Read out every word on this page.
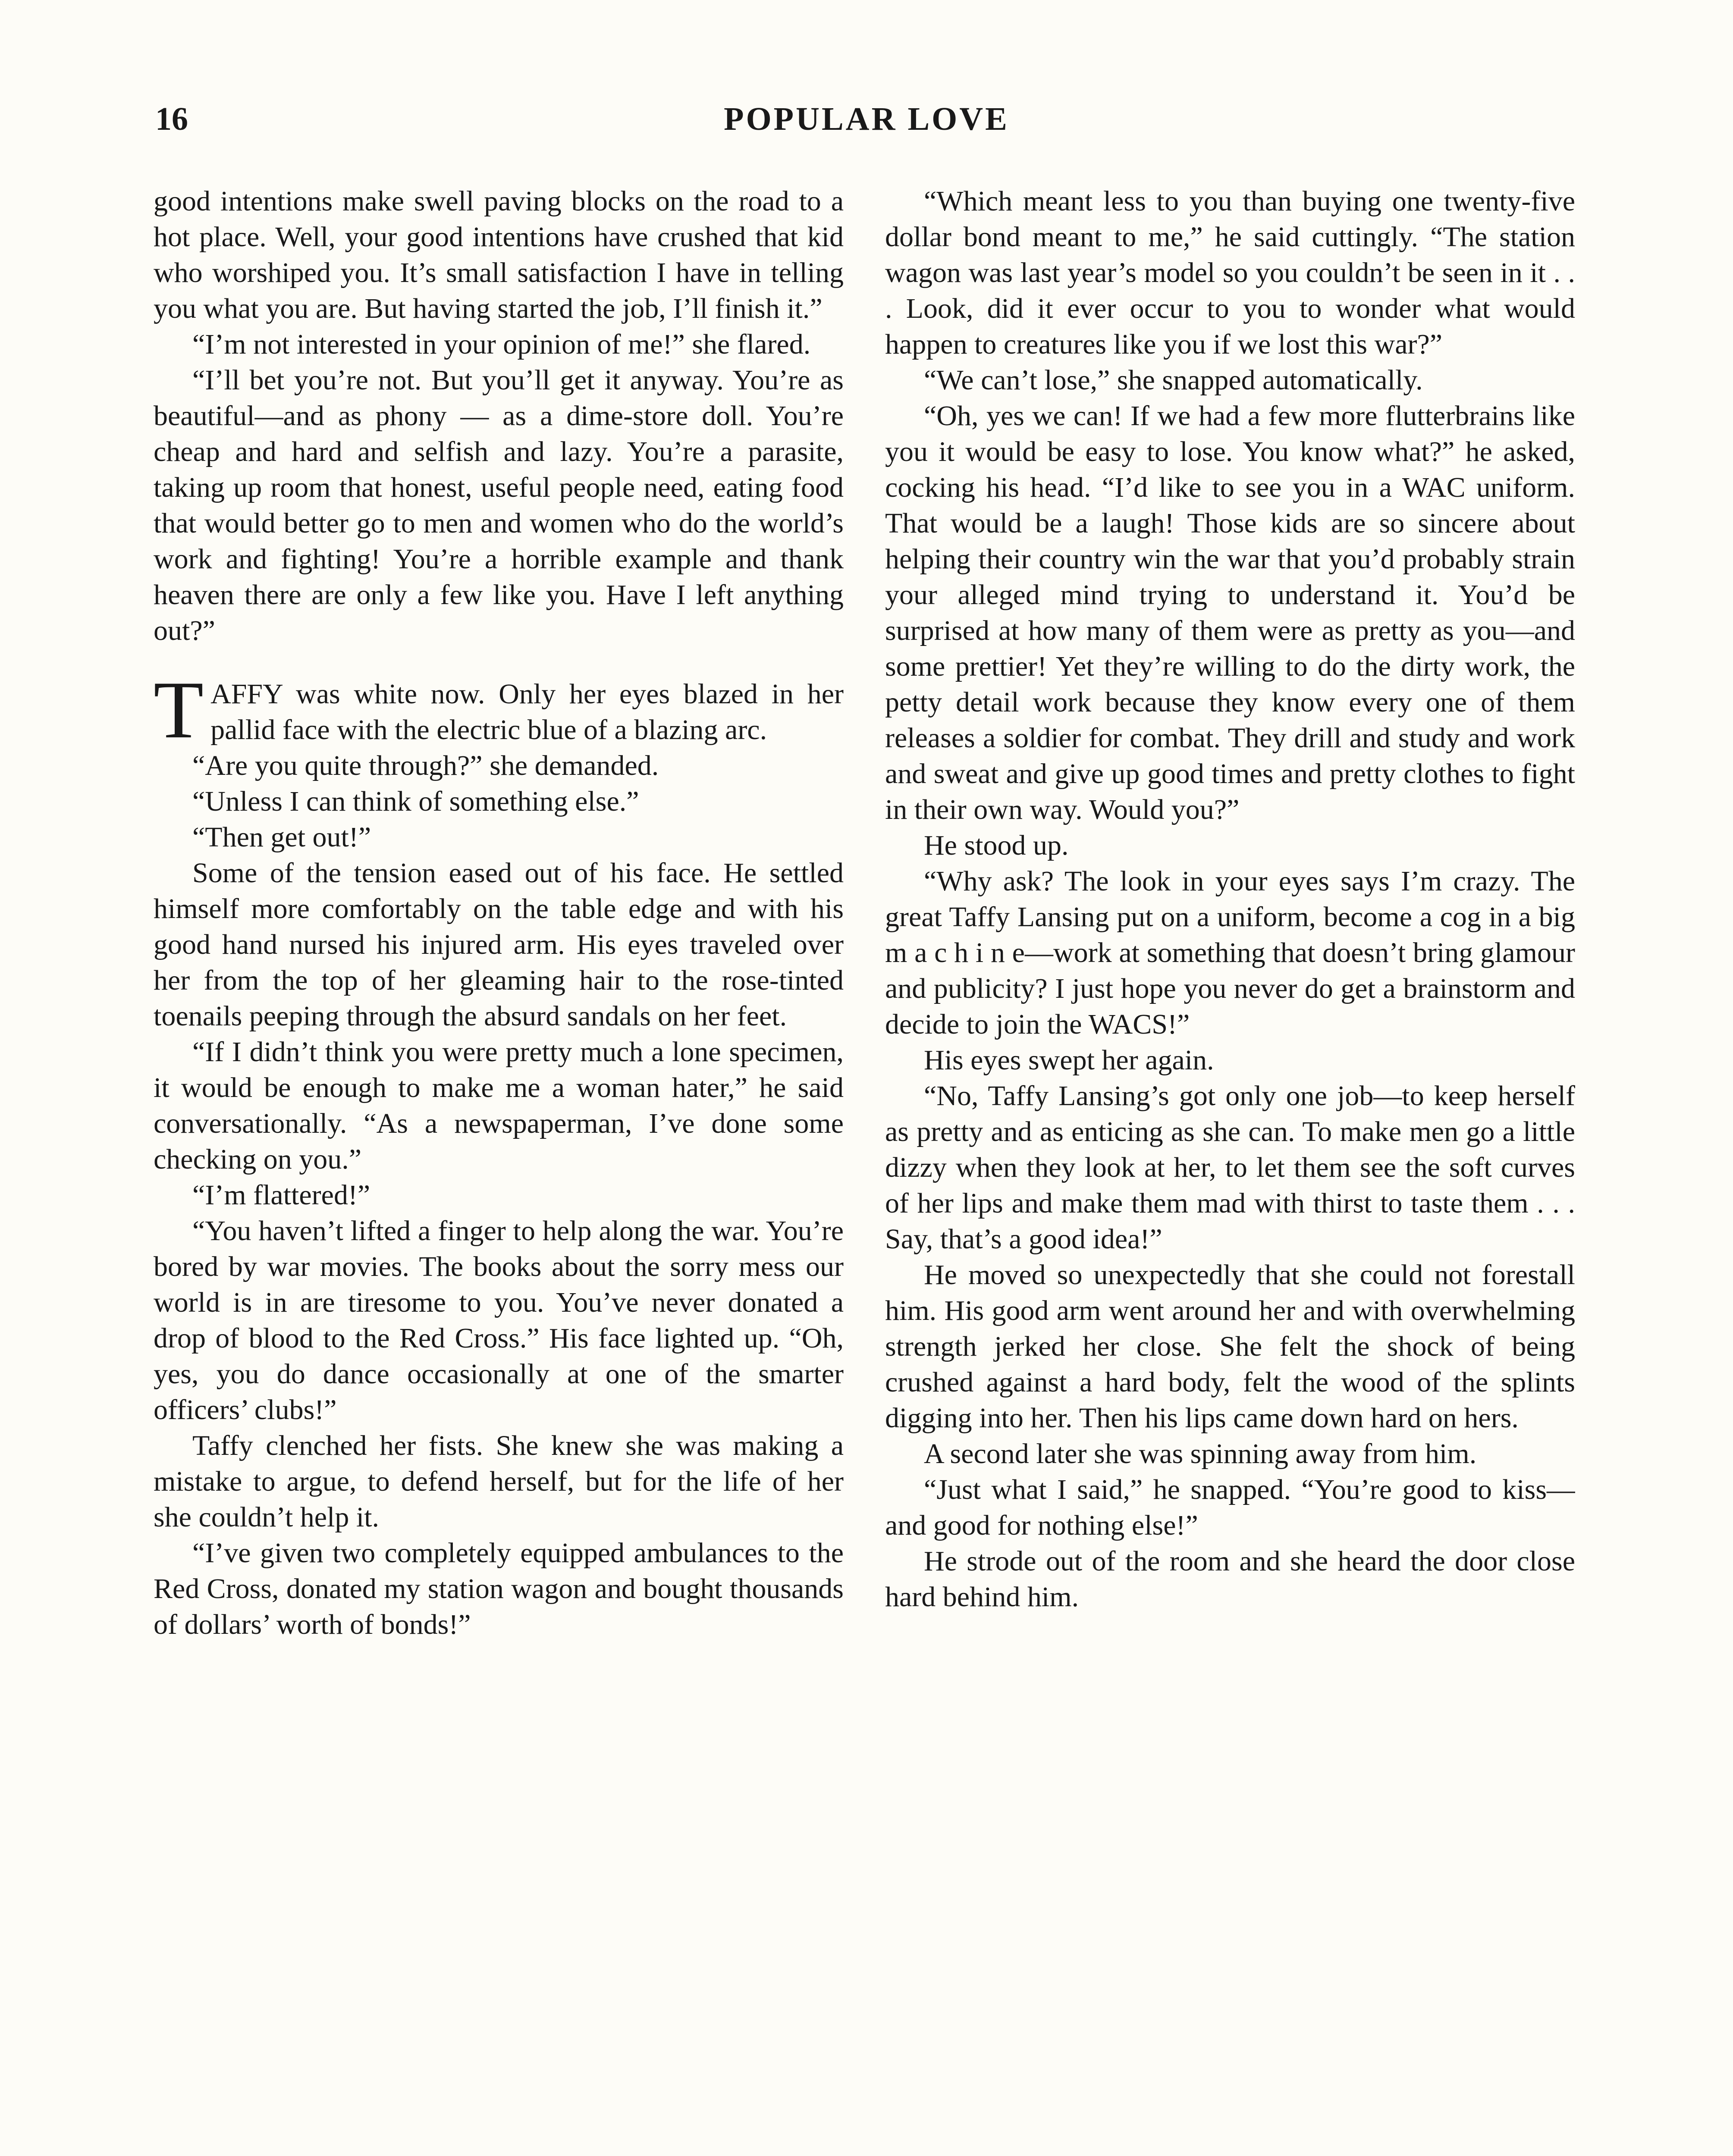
16	POPULAR LOVE

good intentions make swell paving blocks on the road to a hot place. Well, your good intentions have crushed that kid who worshiped you. It’s small satisfaction I have in telling you what you are. But having started the job, I’ll finish it.”

“I’m not interested in your opinion of me!” she flared.

“I’ll bet you’re not. But you’ll get it anyway. You’re as beautiful—and as phony — as a dime-store doll. You’re cheap and hard and selfish and lazy. You’re a parasite, taking up room that honest, useful people need, eating food that would better go to men and women who do the world’s work and fighting! You’re a horrible example and thank heaven there are only a few like you. Have I left anything out?”

TAFFY was white now. Only her eyes blazed in her pallid face with the electric blue of a blazing arc.

“Are you quite through?” she demanded.

“Unless I can think of something else.”

“Then get out!”

Some of the tension eased out of his face. He settled himself more comfortably on the table edge and with his good hand nursed his injured arm. His eyes traveled over her from the top of her gleaming hair to the rose-tinted toenails peeping through the absurd sandals on her feet.

“If I didn’t think you were pretty much a lone specimen, it would be enough to make me a woman hater,” he said conversationally. “As a newspaperman, I’ve done some checking on you.”

“I’m flattered!”

“You haven’t lifted a finger to help along the war. You’re bored by war movies. The books about the sorry mess our world is in are tiresome to you. You’ve never donated a drop of blood to the Red Cross.” His face lighted up. “Oh, yes, you do dance occasionally at one of the smarter officers’ clubs!”

Taffy clenched her fists. She knew she was making a mistake to argue, to defend herself, but for the life of her she couldn’t help it.

“I’ve given two completely equipped ambulances to the Red Cross, donated my station wagon and bought thousands of dollars’ worth of bonds!”

“Which meant less to you than buying one twenty-five dollar bond meant to me,” he said cuttingly. “The station wagon was last year’s model so you couldn’t be seen in it . . . Look, did it ever occur to you to wonder what would happen to creatures like you if we lost this war?”

“We can’t lose,” she snapped automatically.

“Oh, yes we can! If we had a few more flutterbrains like you it would be easy to lose. You know what?” he asked, cocking his head. “I’d like to see you in a WAC uniform. That would be a laugh! Those kids are so sincere about helping their country win the war that you’d probably strain your alleged mind trying to understand it. You’d be surprised at how many of them were as pretty as you—and some prettier! Yet they’re willing to do the dirty work, the petty detail work because they know every one of them releases a soldier for combat. They drill and study and work and sweat and give up good times and pretty clothes to fight in their own way. Would you?”

He stood up.

“Why ask? The look in your eyes says I’m crazy. The great Taffy Lansing put on a uniform, become a cog in a big m a c h i n e—work at something that doesn’t bring glamour and publicity? I just hope you never do get a brainstorm and decide to join the WACS!”

His eyes swept her again.

“No, Taffy Lansing’s got only one job—to keep herself as pretty and as enticing as she can. To make men go a little dizzy when they look at her, to let them see the soft curves of her lips and make them mad with thirst to taste them . . . Say, that’s a good idea!”

He moved so unexpectedly that she could not forestall him. His good arm went around her and with overwhelming strength jerked her close. She felt the shock of being crushed against a hard body, felt the wood of the splints digging into her. Then his lips came down hard on hers.

A second later she was spinning away from him.

“Just what I said,” he snapped. “You’re good to kiss—and good for nothing else!”

He strode out of the room and she heard the door close hard behind him.
